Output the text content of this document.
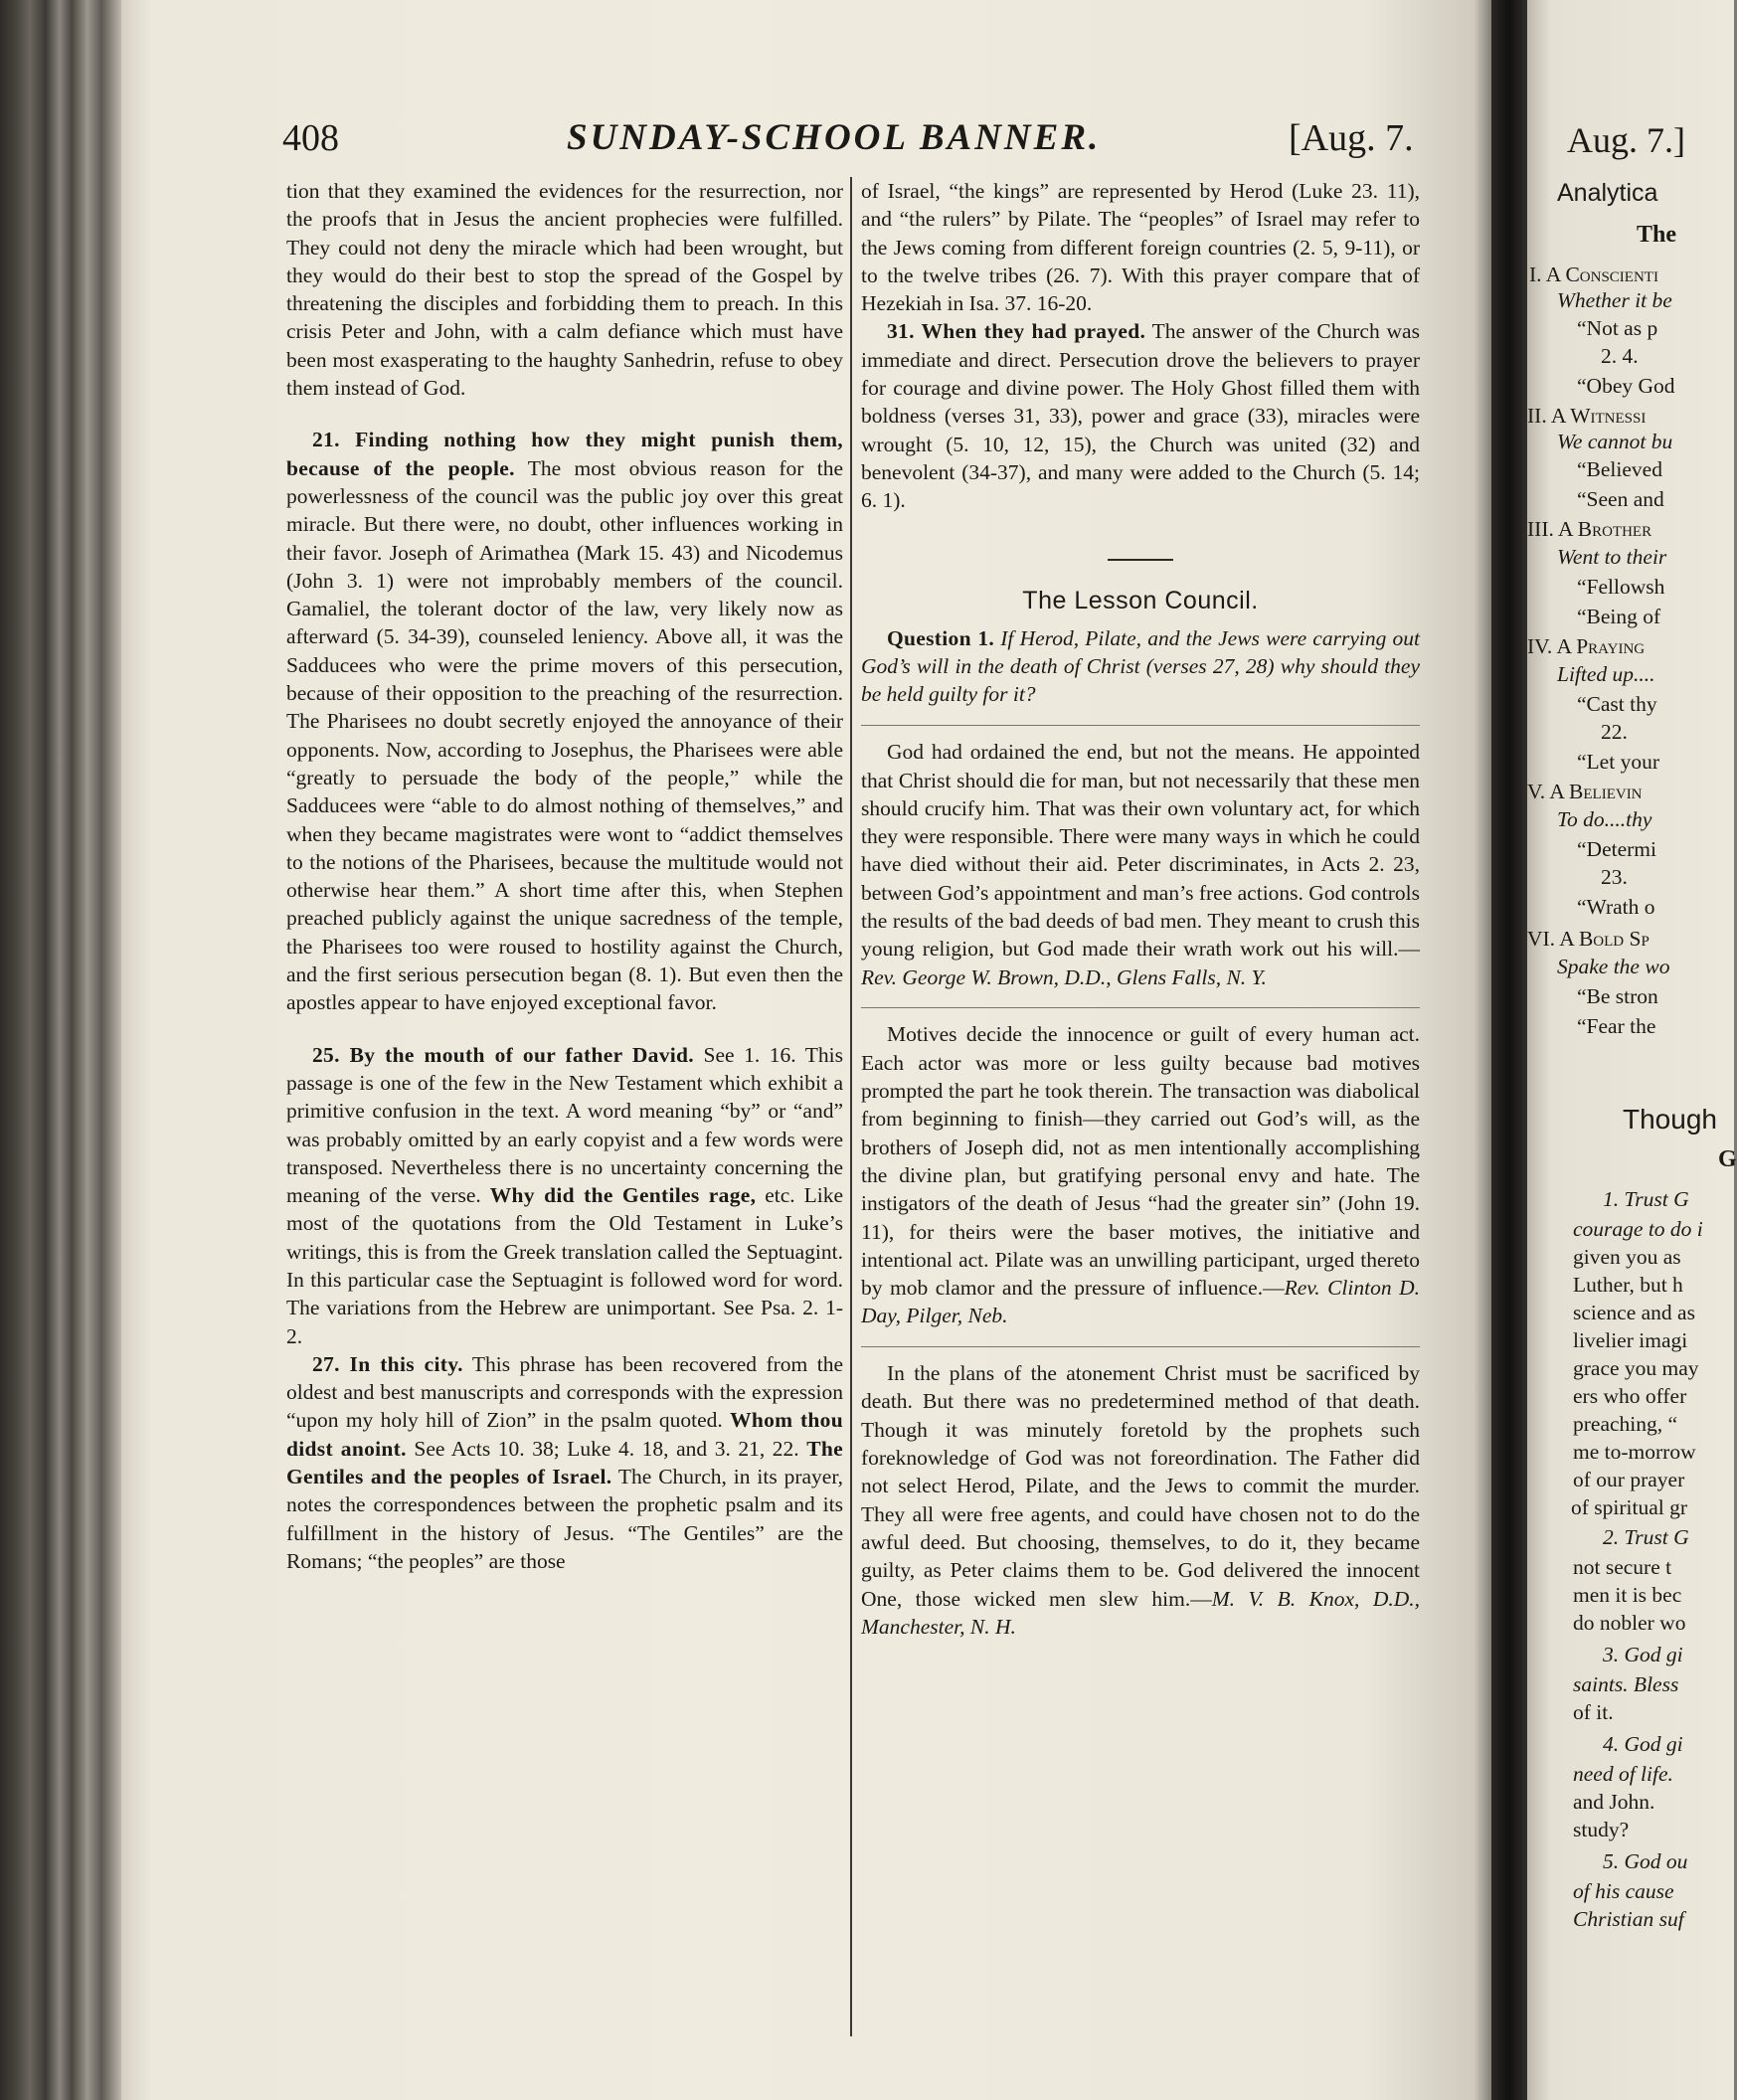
408	SUNDAY-SCHOOL BANNER.	[Aug. 7.

tion that they examined the evidences for the resurrection, nor the proofs that in Jesus the ancient prophecies were fulfilled. They could not deny the miracle which had been wrought, but they would do their best to stop the spread of the Gospel by threatening the disciples and forbidding them to preach. In this crisis Peter and John, with a calm defiance which must have been most exasperating to the haughty Sanhedrin, refuse to obey them instead of God.

21. Finding nothing how they might punish them, because of the people. The most obvious reason for the powerlessness of the council was the public joy over this great miracle. But there were, no doubt, other influences working in their favor. Joseph of Arimathea (Mark 15. 43) and Nicodemus (John 3. 1) were not improbably members of the council. Gamaliel, the tolerant doctor of the law, very likely now as afterward (5. 34-39), counseled leniency. Above all, it was the Sadducees who were the prime movers of this persecution, because of their opposition to the preaching of the resurrection. The Pharisees no doubt secretly enjoyed the annoyance of their opponents. Now, according to Josephus, the Pharisees were able “greatly to persuade the body of the people,” while the Sadducees were “able to do almost nothing of themselves,” and when they became magistrates were wont to “addict themselves to the notions of the Pharisees, because the multitude would not otherwise hear them.” A short time after this, when Stephen preached publicly against the unique sacredness of the temple, the Pharisees too were roused to hostility against the Church, and the first serious persecution began (8. 1). But even then the apostles appear to have enjoyed exceptional favor.

25. By the mouth of our father David. See 1. 16. This passage is one of the few in the New Testament which exhibit a primitive confusion in the text. A word meaning “by” or “and” was probably omitted by an early copyist and a few words were transposed. Nevertheless there is no uncertainty concerning the meaning of the verse. Why did the Gentiles rage, etc. Like most of the quotations from the Old Testament in Luke’s writings, this is from the Greek translation called the Septuagint. In this particular case the Septuagint is followed word for word. The variations from the Hebrew are unimportant. See Psa. 2. 1-2.

27. In this city. This phrase has been recovered from the oldest and best manuscripts and corresponds with the expression “upon my holy hill of Zion” in the psalm quoted. Whom thou didst anoint. See Acts 10. 38; Luke 4. 18, and 3. 21, 22. The Gentiles and the peoples of Israel. The Church, in its prayer, notes the correspondences between the prophetic psalm and its fulfillment in the history of Jesus. “The Gentiles” are the Romans; “the peoples” are those

of Israel, “the kings” are represented by Herod (Luke 23. 11), and “the rulers” by Pilate. The “peoples” of Israel may refer to the Jews coming from different foreign countries (2. 5, 9-11), or to the twelve tribes (26. 7). With this prayer compare that of Hezekiah in Isa. 37. 16-20.

31. When they had prayed. The answer of the Church was immediate and direct. Persecution drove the believers to prayer for courage and divine power. The Holy Ghost filled them with boldness (verses 31, 33), power and grace (33), miracles were wrought (5. 10, 12, 15), the Church was united (32) and benevolent (34-37), and many were added to the Church (5. 14; 6. 1).

The Lesson Council.

Question 1. If Herod, Pilate, and the Jews were carrying out God’s will in the death of Christ (verses 27, 28) why should they be held guilty for it?

God had ordained the end, but not the means. He appointed that Christ should die for man, but not necessarily that these men should crucify him. That was their own voluntary act, for which they were responsible. There were many ways in which he could have died without their aid. Peter discriminates, in Acts 2. 23, between God’s appointment and man’s free actions. God controls the results of the bad deeds of bad men. They meant to crush this young religion, but God made their wrath work out his will.—Rev. George W. Brown, D.D., Glens Falls, N. Y.

Motives decide the innocence or guilt of every human act. Each actor was more or less guilty because bad motives prompted the part he took therein. The transaction was diabolical from beginning to finish—they carried out God’s will, as the brothers of Joseph did, not as men intentionally accomplishing the divine plan, but gratifying personal envy and hate. The instigators of the death of Jesus “had the greater sin” (John 19. 11), for theirs were the baser motives, the initiative and intentional act. Pilate was an unwilling participant, urged thereto by mob clamor and the pressure of influence.—Rev. Clinton D. Day, Pilger, Neb.

In the plans of the atonement Christ must be sacrificed by death. But there was no predetermined method of that death. Though it was minutely foretold by the prophets such foreknowledge of God was not foreordination. The Father did not select Herod, Pilate, and the Jews to commit the murder. They all were free agents, and could have chosen not to do the awful deed. But choosing, themselves, to do it, they became guilty, as Peter claims them to be. God delivered the innocent One, those wicked men slew him.—M. V. B. Knox, D.D., Manchester, N. H.

Aug. 7.]
Analytica
The
I. A Conscienti
Whether it be
“Not as p
2. 4.
“Obey God
II. A Witnessi
We cannot bu
“Believed
“Seen and
III. A Brother
Went to their
“Fellowsh
“Being of
IV. A Praying
Lifted up....
“Cast thy
22.
“Let your
V. A Believin
To do....thy
“Determi
23.
“Wrath o
VI. A Bold Sp
Spake the wo
“Be stron
“Fear the
Though
G
1. Trust G
courage to do i
given you as
Luther, but h
science and as
livelier imagi
grace you may
ers who offer
preaching, “
me to-morrow
of our prayer
of spiritual gr
2. Trust G
not secure t
men it is bec
do nobler wo
3. God gi
saints. Bless
of it.
4. God gi
need of life.
and John.
study?
5. God ou
of his cause
Christian suf
